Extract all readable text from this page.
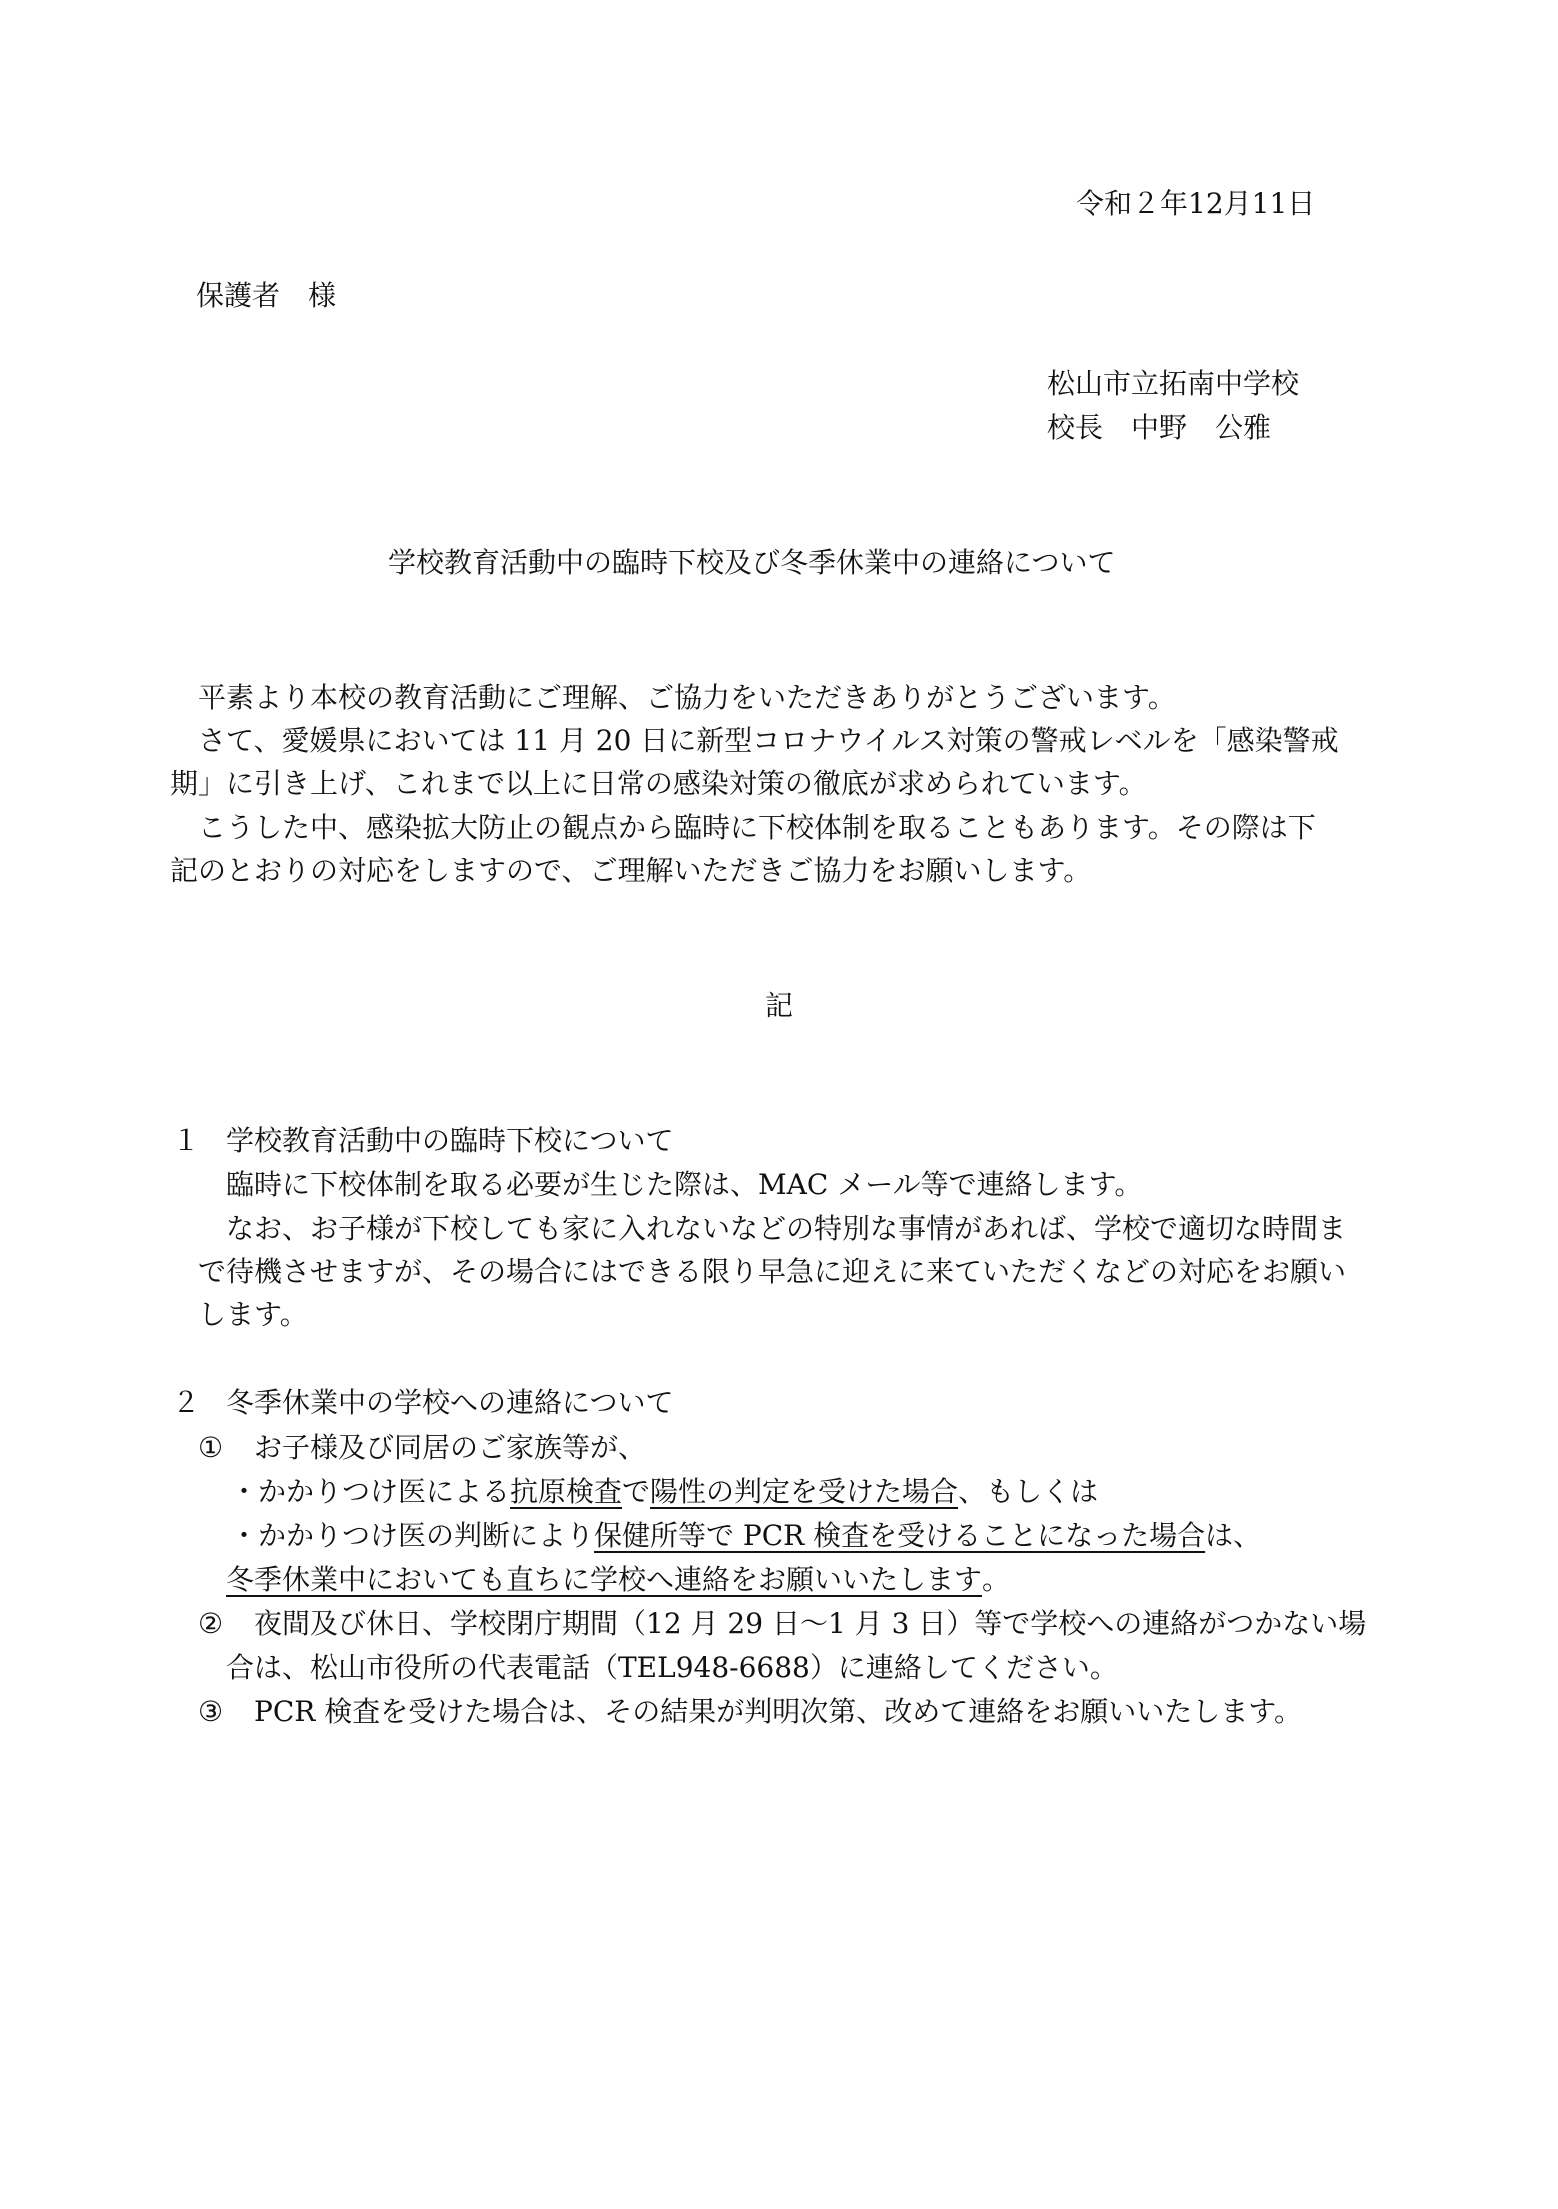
令和２年12月11日
保護者　様
松山市立拓南中学校
校長　中野　公雅
学校教育活動中の臨時下校及び冬季休業中の連絡について
平素より本校の教育活動にご理解、ご協力をいただきありがとうございます。
さて、愛媛県においては 11 月 20 日に新型コロナウイルス対策の警戒レベルを「感染警戒
期」に引き上げ、これまで以上に日常の感染対策の徹底が求められています。
こうした中、感染拡大防止の観点から臨時に下校体制を取ることもあります。その際は下
記のとおりの対応をしますので、ご理解いただきご協力をお願いします。
記
１ 学校教育活動中の臨時下校について
臨時に下校体制を取る必要が生じた際は、MAC メール等で連絡します。
なお、お子様が下校しても家に入れないなどの特別な事情があれば、学校で適切な時間ま
で待機させますが、その場合にはできる限り早急に迎えに来ていただくなどの対応をお願い
します。
２ 冬季休業中の学校への連絡について
① お子様及び同居のご家族等が、
・かかりつけ医による抗原検査で陽性の判定を受けた場合、もしくは
・かかりつけ医の判断により保健所等で PCR 検査を受けることになった場合は、
冬季休業中においても直ちに学校へ連絡をお願いいたします。
② 夜間及び休日、学校閉庁期間（12 月 29 日～1 月 3 日）等で学校への連絡がつかない場
合は、松山市役所の代表電話（TEL948-6688）に連絡してください。
③ PCR 検査を受けた場合は、その結果が判明次第、改めて連絡をお願いいたします。
